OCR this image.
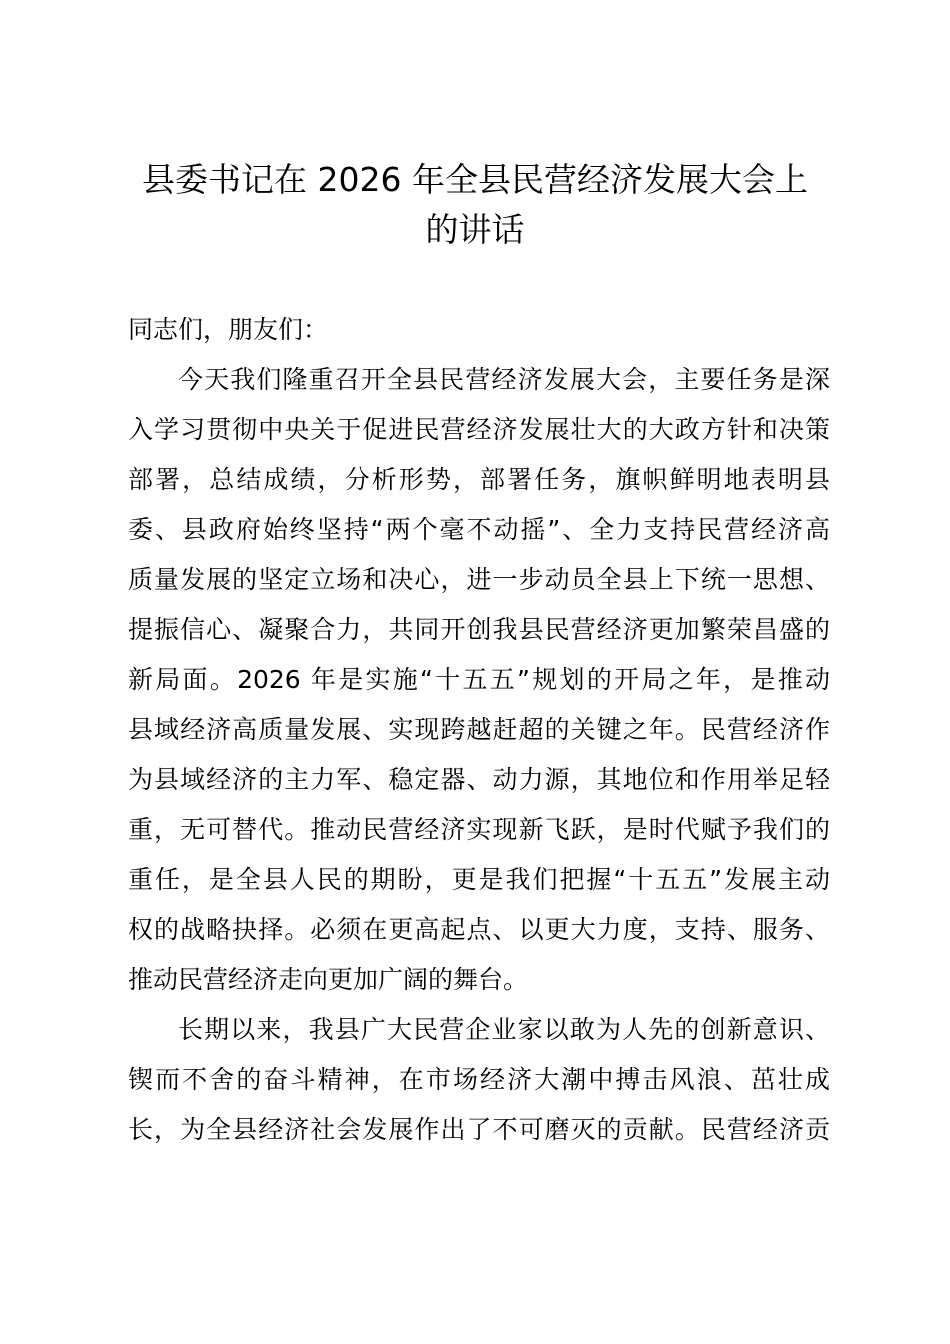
县委书记在 2026 年全县民营经济发展大会上
的讲话
同志们，朋友们：
今天我们隆重召开全县民营经济发展大会，主要任务是深
入学习贯彻中央关于促进民营经济发展壮大的大政方针和决策
部署，总结成绩，分析形势，部署任务，旗帜鲜明地表明县
委、县政府始终坚持“两个毫不动摇”、全力支持民营经济高
质量发展的坚定立场和决心，进一步动员全县上下统一思想、
提振信心、凝聚合力，共同开创我县民营经济更加繁荣昌盛的
新局面。2026 年是实施“十五五”规划的开局之年，是推动
县域经济高质量发展、实现跨越赶超的关键之年。民营经济作
为县域经济的主力军、稳定器、动力源，其地位和作用举足轻
重，无可替代。推动民营经济实现新飞跃，是时代赋予我们的
重任，是全县人民的期盼，更是我们把握“十五五”发展主动
权的战略抉择。必须在更高起点、以更大力度，支持、服务、
推动民营经济走向更加广阔的舞台。
长期以来，我县广大民营企业家以敢为人先的创新意识、
锲而不舍的奋斗精神，在市场经济大潮中搏击风浪、茁壮成
长，为全县经济社会发展作出了不可磨灭的贡献。民营经济贡
